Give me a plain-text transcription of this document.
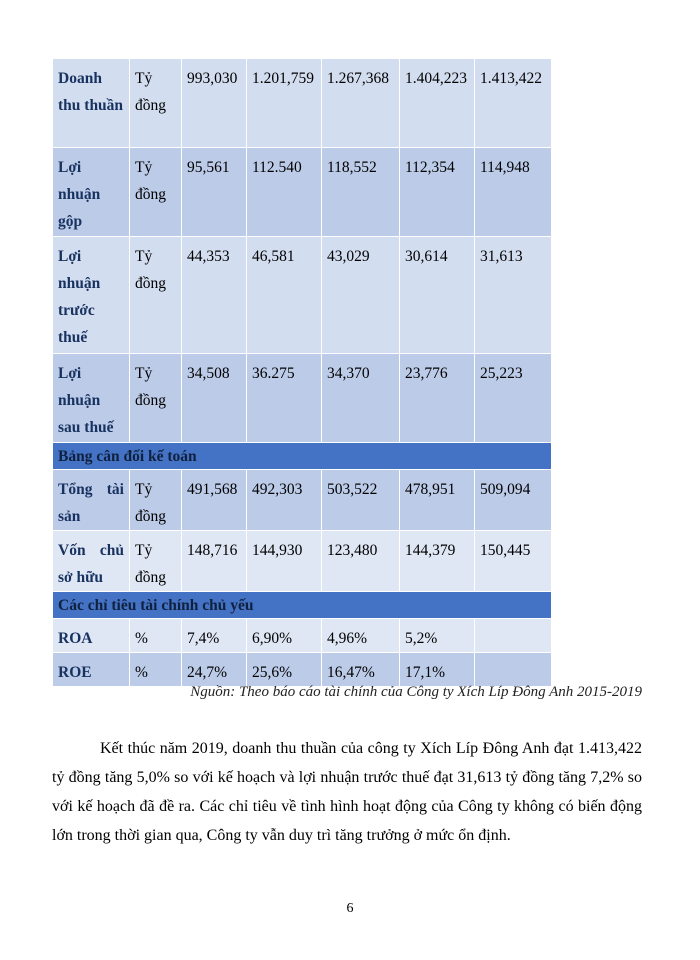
Doanh thu thuần	Tỷ đồng	993,030	1.201,759	1.267,368	1.404,223	1.413,422
Lợi nhuận gộp	Tỷ đồng	95,561	112.540	118,552	112,354	114,948
Lợi nhuận trước thuế	Tỷ đồng	44,353	46,581	43,029	30,614	31,613
Lợi nhuận sau thuế	Tỷ đồng	34,508	36.275	34,370	23,776	25,223
Bảng cân đối kế toán						
Tổng tài sản	Tỷ đồng	491,568	492,303	503,522	478,951	509,094
Vốn chủ sở hữu	Tỷ đồng	148,716	144,930	123,480	144,379	150,445
Các chỉ tiêu tài chính chủ yếu						
ROA	%	7,4%	6,90%	4,96%	5,2%	
ROE	%	24,7%	25,6%	16,47%	17,1%	
Nguồn: Theo báo cáo tài chính của Công ty Xích Líp Đông Anh 2015-2019

Kết thúc năm 2019, doanh thu thuần của công ty Xích Líp Đông Anh đạt 1.413,422 tỷ đồng tăng 5,0% so với kế hoạch và lợi nhuận trước thuế đạt 31,613 tỷ đồng tăng 7,2% so với kế hoạch đã đề ra. Các chỉ tiêu về tình hình hoạt động của Công ty không có biến động lớn trong thời gian qua, Công ty vẫn duy trì tăng trưởng ở mức ổn định.

6
